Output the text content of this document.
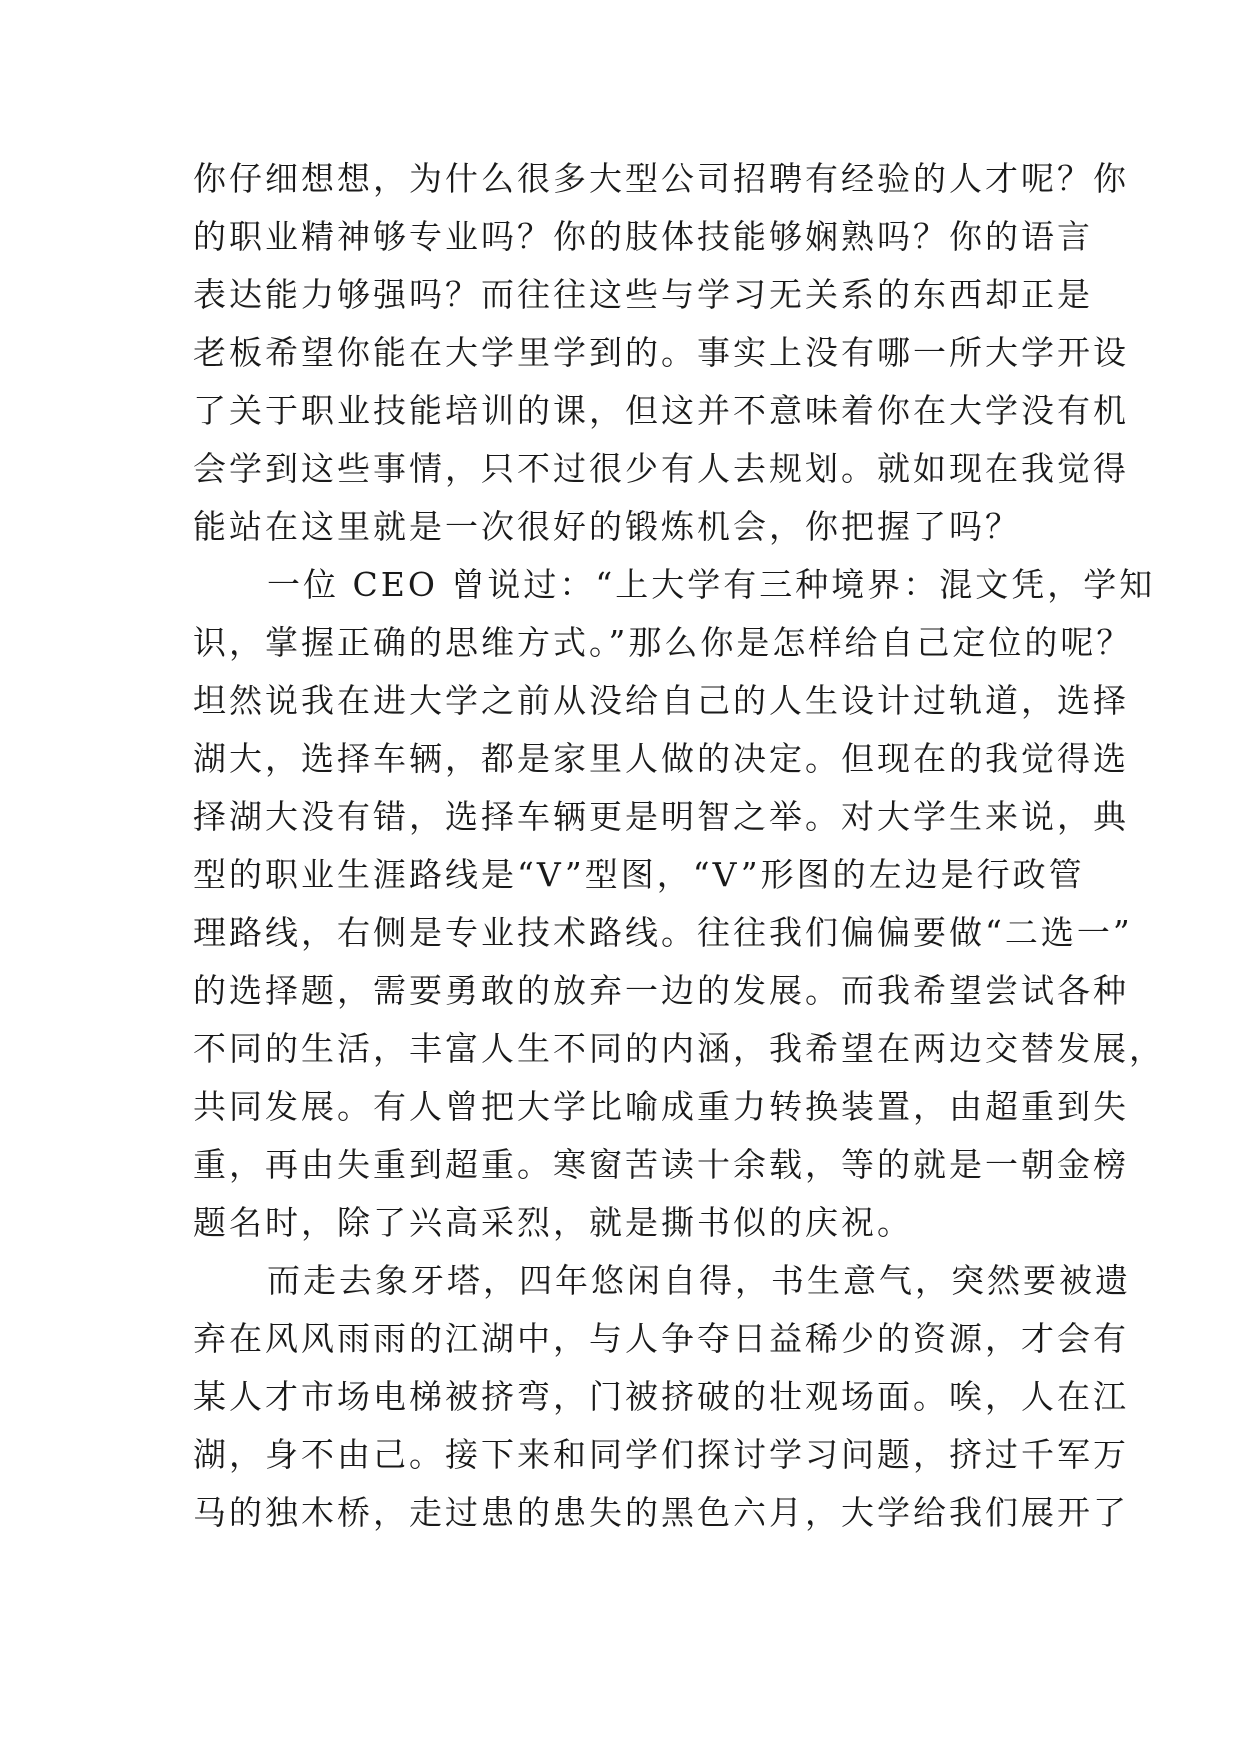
你仔细想想，为什么很多大型公司招聘有经验的人才呢？你
的职业精神够专业吗？你的肢体技能够娴熟吗？你的语言
表达能力够强吗？而往往这些与学习无关系的东西却正是
老板希望你能在大学里学到的。事实上没有哪一所大学开设
了关于职业技能培训的课，但这并不意味着你在大学没有机
会学到这些事情，只不过很少有人去规划。就如现在我觉得
能站在这里就是一次很好的锻炼机会，你把握了吗？
一位 CEO 曾说过：“上大学有三种境界：混文凭，学知
识，掌握正确的思维方式。”那么你是怎样给自己定位的呢？
坦然说我在进大学之前从没给自己的人生设计过轨道，选择
湖大，选择车辆，都是家里人做的决定。但现在的我觉得选
择湖大没有错，选择车辆更是明智之举。对大学生来说，典
型的职业生涯路线是“V”型图，“V”形图的左边是行政管
理路线，右侧是专业技术路线。往往我们偏偏要做“二选一”
的选择题，需要勇敢的放弃一边的发展。而我希望尝试各种
不同的生活，丰富人生不同的内涵，我希望在两边交替发展，
共同发展。有人曾把大学比喻成重力转换装置，由超重到失
重，再由失重到超重。寒窗苦读十余载，等的就是一朝金榜
题名时，除了兴高采烈，就是撕书似的庆祝。
而走去象牙塔，四年悠闲自得，书生意气，突然要被遗
弃在风风雨雨的江湖中，与人争夺日益稀少的资源，才会有
某人才市场电梯被挤弯，门被挤破的壮观场面。唉，人在江
湖，身不由己。接下来和同学们探讨学习问题，挤过千军万
马的独木桥，走过患的患失的黑色六月，大学给我们展开了
